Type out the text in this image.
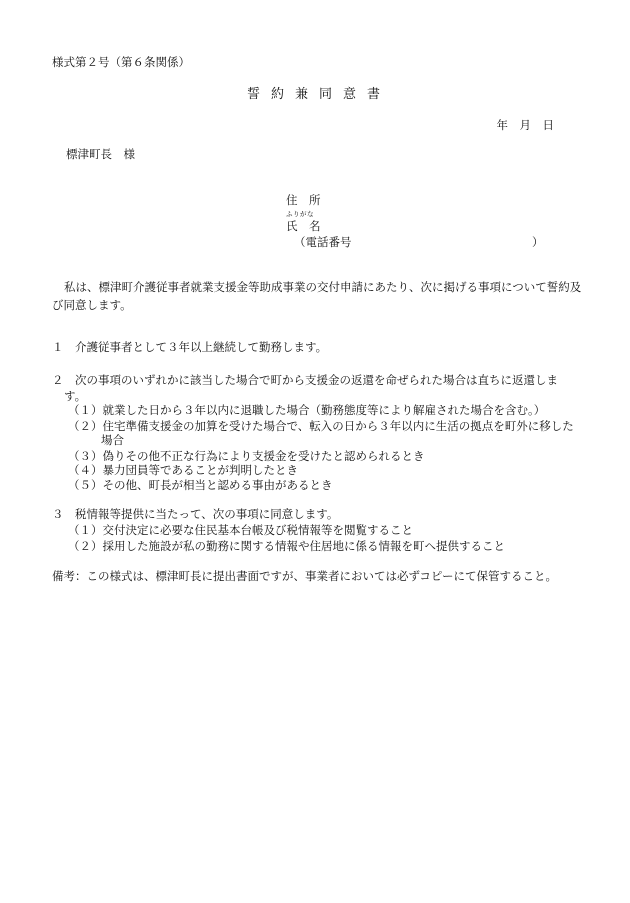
様式第２号（第６条関係）
誓約兼同意書
年　月　日
標津町長　様
住　所
ふりがな
氏　名
（電話番号	）
私は、標津町介護従事者就業支援金等助成事業の交付申請にあたり、次に掲げる事項について誓約及び同意します。
１　介護従事者として３年以上継続して勤務します。
２　次の事項のいずれかに該当した場合で町から支援金の返還を命ぜられた場合は直ちに返還しま
す。
（１）就業した日から３年以内に退職した場合（勤務態度等により解雇された場合を含む。）
（２）住宅準備支援金の加算を受けた場合で、転入の日から３年以内に生活の拠点を町外に移した
場合
（３）偽りその他不正な行為により支援金を受けたと認められるとき
（４）暴力団員等であることが判明したとき
（５）その他、町長が相当と認める事由があるとき
３　税情報等提供に当たって、次の事項に同意します。
（１）交付決定に必要な住民基本台帳及び税情報等を閲覧すること
（２）採用した施設が私の勤務に関する情報や住居地に係る情報を町へ提供すること
備考：この様式は、標津町長に提出書面ですが、事業者においては必ずコピーにて保管すること。
